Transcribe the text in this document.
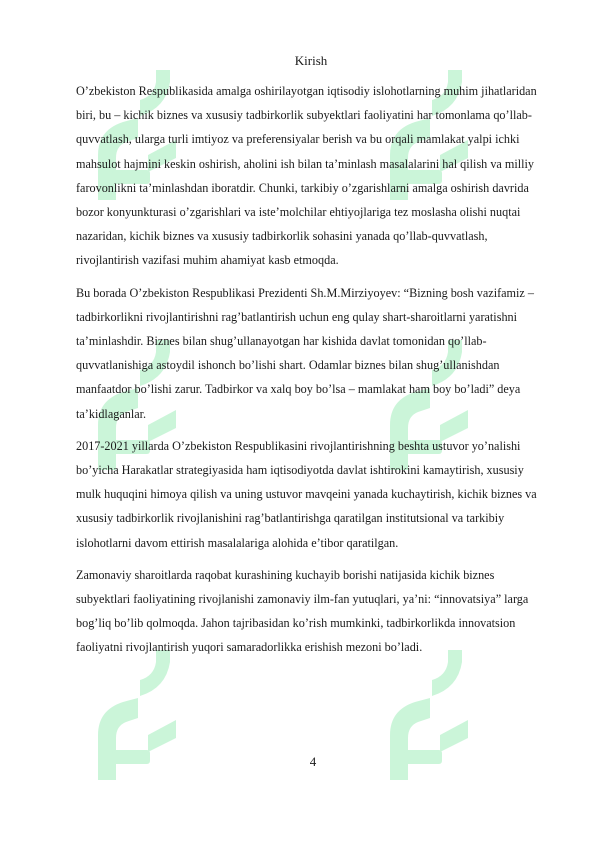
Kirish

O’zbekiston Respublikasida amalga oshirilayotgan iqtisodiy islohotlarning muhim jihatlaridan biri, bu – kichik biznes va xususiy tadbirkorlik subyektlari faoliyatini har tomonlama qo’llab-quvvatlash, ularga turli imtiyoz va preferensiyalar berish va bu orqali mamlakat yalpi ichki mahsulot hajmini keskin oshirish, aholini ish bilan ta’minlash masalalarini hal qilish va milliy farovonlikni ta’minlashdan iboratdir. Chunki, tarkibiy o’zgarishlarni amalga oshirish davrida bozor konyunkturasi o’zgarishlari va iste’molchilar ehtiyojlariga tez moslasha olishi nuqtai nazaridan, kichik biznes va xususiy tadbirkorlik sohasini yanada qo’llab-quvvatlash, rivojlantirish vazifasi muhim ahamiyat kasb etmoqda.

Bu borada O’zbekiston Respublikasi Prezidenti Sh.M.Mirziyoyev: “Bizning bosh vazifamiz – tadbirkorlikni rivojlantirishni rag’batlantirish uchun eng qulay shart-sharoitlarni yaratishni ta’minlashdir. Biznes bilan shug’ullanayotgan har kishida davlat tomonidan qo’llab-quvvatlanishiga astoydil ishonch bo’lishi shart. Odamlar biznes bilan shug’ullanishdan manfaatdor bo’lishi zarur. Tadbirkor va xalq boy bo’lsa – mamlakat ham boy bo’ladi” deya ta’kidlaganlar.

2017-2021 yillarda O’zbekiston Respublikasini rivojlantirishning beshta ustuvor yo’nalishi bo’yicha Harakatlar strategiyasida ham iqtisodiyotda davlat ishtirokini kamaytirish, xususiy mulk huquqini himoya qilish va uning ustuvor mavqeini yanada kuchaytirish, kichik biznes va xususiy tadbirkorlik rivojlanishini rag’batlantirishga qaratilgan institutsional va tarkibiy islohotlarni davom ettirish masalalariga alohida e’tibor qaratilgan.

Zamonaviy sharoitlarda raqobat kurashining kuchayib borishi natijasida kichik biznes subyektlari faoliyatining rivojlanishi zamonaviy ilm-fan yutuqlari, ya’ni: “innovatsiya” larga bog’liq bo’lib qolmoqda. Jahon tajribasidan ko’rish mumkinki, tadbirkorlikda innovatsion faoliyatni rivojlantirish yuqori samaradorlikka erishish mezoni bo’ladi.

4
